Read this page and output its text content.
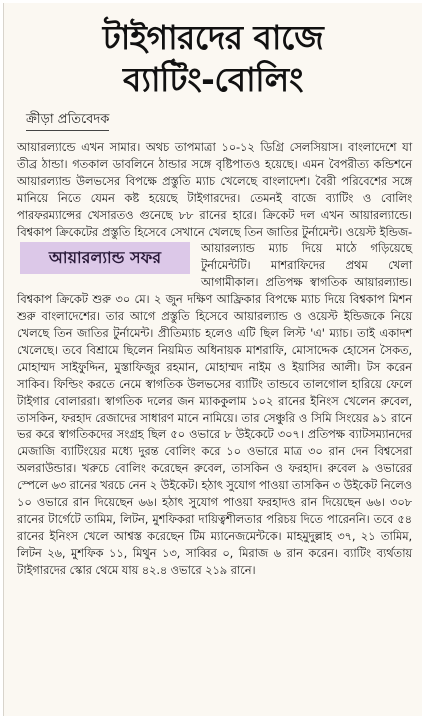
টাইগারদের বাজে
ব্যাটিং-বোলিং
ক্রীড়া প্রতিবেদক
আয়ারল্যান্ডে এখন সামার। অথচ তাপমাত্রা ১০-১২ ডিগ্রি সেলসিয়াস। বাংলাদেশে যা তীব্র ঠান্ডা। গতকাল ডাবলিনে ঠান্ডার সঙ্গে বৃষ্টিপাতও হয়েছে। এমন বৈপরীত্য কন্ডিশনে আয়ারল্যান্ড উলভসের বিপক্ষে প্রস্তুতি ম্যাচ খেলেছে বাংলাদেশ। বৈরী পরিবেশের সঙ্গে মানিয়ে নিতে যেমন কষ্ট হয়েছে টাইগারদের। তেমনই বাজে ব্যাটিং ও বোলিং পারফরম্যান্সের খেসারতও গুনেছে ৮৮ রানের হারে। ক্রিকেট দল এখন আয়ারল্যান্ডে। বিশ্বকাপ ক্রিকেটের প্রস্তুতি হিসেবে সেখানে খেলছে তিন জাতির টুর্নামেন্ট। ওয়েস্ট ইন্ডিজ-আয়ারল্যান্ড ম্যাচ দিয়ে মাঠে গড়িয়েছে
টুর্নামেন্টটি। মাশরাফিদের প্রথম খেলা আগামীকাল। প্রতিপক্ষ স্বাগতিক আয়ারল্যান্ড। বিশ্বকাপ ক্রিকেট শুরু ৩০ মে। ২ জুন দক্ষিণ আফ্রিকার বিপক্ষে ম্যাচ দিয়ে বিশ্বকাপ মিশন শুরু বাংলাদেশের। তার আগে প্রস্তুতি হিসেবে আয়ারল্যান্ড ও ওয়েস্ট ইন্ডিজকে নিয়ে খেলছে তিন জাতির টুর্নামেন্ট। প্রীতিম্যাচ হলেও এটি ছিল লিস্ট 'এ' ম্যাচ। তাই একাদশ খেলেছে। তবে বিশ্রামে ছিলেন নিয়মিত অধিনায়ক মাশরাফি, মোসাদ্দেক হোসেন সৈকত, মোহাম্মদ সাইফুদ্দিন, মুস্তাফিজুর রহমান, মোহাম্মদ নাইম ও ইয়াসির আলী। টস করেন সাকিব। ফিল্ডিং করতে নেমে স্বাগতিক উলভসের ব্যাটিং তান্ডবে তালগোল হারিয়ে ফেলে টাইগার বোলাররা। স্বাগতিক দলের জন ম্যাককুলাম ১০২ রানের ইনিংস খেলেন রুবেল, তাসকিন, ফরহাদ রেজাদের সাধারণ মানে নামিয়ে। তার সেঞ্চুরি ও সিমি সিংয়ের ৯১ রানে ভর করে স্বাগতিকদের সংগ্রহ ছিল ৫০ ওভারে ৮ উইকেটে ৩০৭। প্রতিপক্ষ ব্যাটসম্যানদের মেজাজি ব্যাটিংয়ের মধ্যে দুরন্ত বোলিং করে ১০ ওভারে মাত্র ৩০ রান দেন বিশ্বসেরা অলরাউন্ডার। খরুচে বোলিং করেছেন রুবেল, তাসকিন ও ফরহাদ। রুবেল ৯ ওভারের স্পেলে ৬৩ রানের খরচে নেন ২ উইকেট। হঠাৎ সুযোগ পাওয়া তাসকিন ৩ উইকেট নিলেও ১০ ওভারে রান দিয়েছেন ৬৬। হঠাৎ সুযোগ পাওয়া ফরহাদও রান দিয়েছেন ৬৬। ৩০৮ রানের টার্গেটে তামিম, লিটন, মুশফিকরা দায়িত্বশীলতার পরিচয় দিতে পারেননি। তবে ৫৪ রানের ইনিংস খেলে আশ্বস্ত করেছেন টিম ম্যানেজমেন্টকে। মাহমুদুল্লাহ ৩৭, ২১ তামিম, লিটন ২৬, মুশফিক ১১, মিথুন ১৩, সাব্বির ০, মিরাজ ৬ রান করেন। ব্যাটিং ব্যর্থতায় টাইগারদের স্কোর থেমে যায় ৪২.৪ ওভারে ২১৯ রানে।
আয়ারল্যান্ড সফর
